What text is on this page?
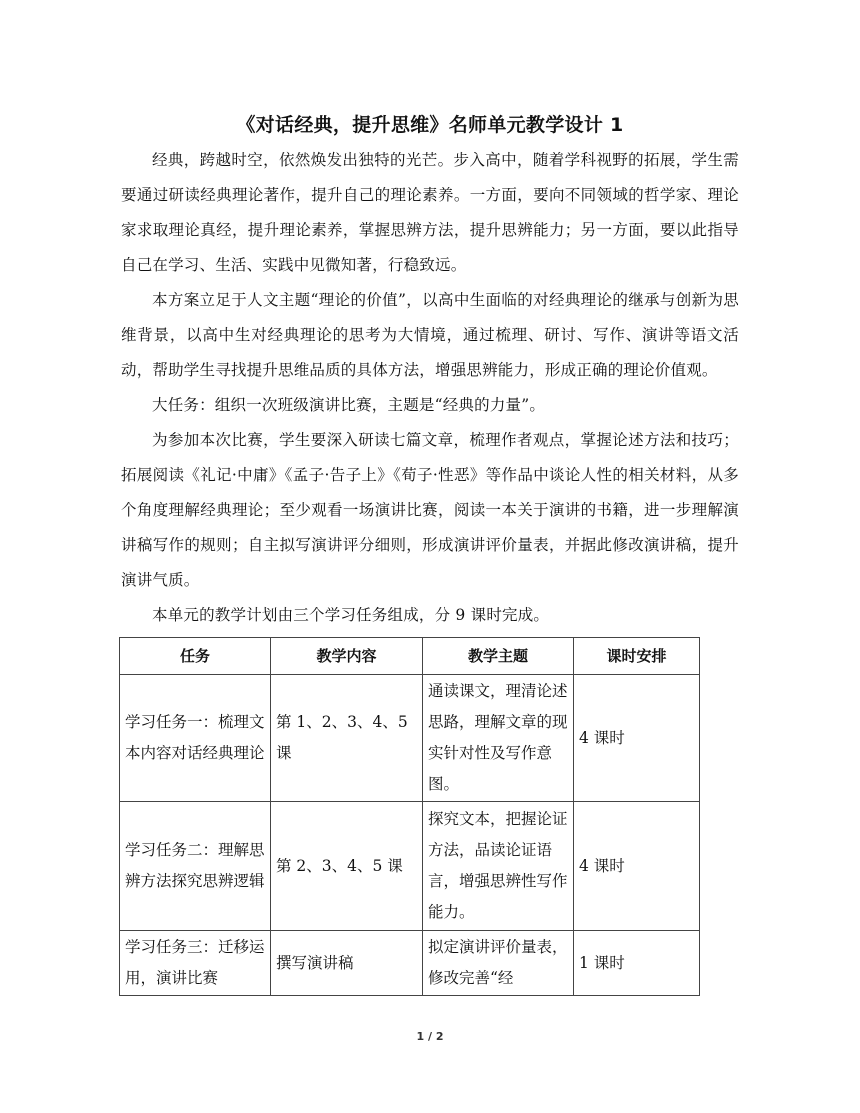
《对话经典，提升思维》名师单元教学设计 1

经典，跨越时空，依然焕发出独特的光芒。步入高中，随着学科视野的拓展，学生需要通过研读经典理论著作，提升自己的理论素养。一方面，要向不同领域的哲学家、理论家求取理论真经，提升理论素养，掌握思辨方法，提升思辨能力；另一方面，要以此指导自己在学习、生活、实践中见微知著，行稳致远。

本方案立足于人文主题“理论的价值”，以高中生面临的对经典理论的继承与创新为思维背景，以高中生对经典理论的思考为大情境，通过梳理、研讨、写作、演讲等语文活动，帮助学生寻找提升思维品质的具体方法，增强思辨能力，形成正确的理论价值观。

大任务：组织一次班级演讲比赛，主题是“经典的力量”。

为参加本次比赛，学生要深入研读七篇文章，梳理作者观点，掌握论述方法和技巧；拓展阅读《礼记·中庸》《孟子·告子上》《荀子·性恶》等作品中谈论人性的相关材料，从多个角度理解经典理论；至少观看一场演讲比赛，阅读一本关于演讲的书籍，进一步理解演讲稿写作的规则；自主拟写演讲评分细则，形成演讲评价量表，并据此修改演讲稿，提升演讲气质。

本单元的教学计划由三个学习任务组成，分 9 课时完成。

任务	教学内容	教学主题	课时安排
学习任务一：梳理文本内容对话经典理论	第 1、2、3、4、5 课	通读课文，理清论述思路，理解文章的现实针对性及写作意图。	4 课时
学习任务二：理解思辨方法探究思辨逻辑	第 2、3、4、5 课	探究文本，把握论证方法，品读论证语言，增强思辨性写作能力。	4 课时
学习任务三：迁移运用，演讲比赛	撰写演讲稿	拟定演讲评价量表，修改完善“经	1 课时
1 / 2
